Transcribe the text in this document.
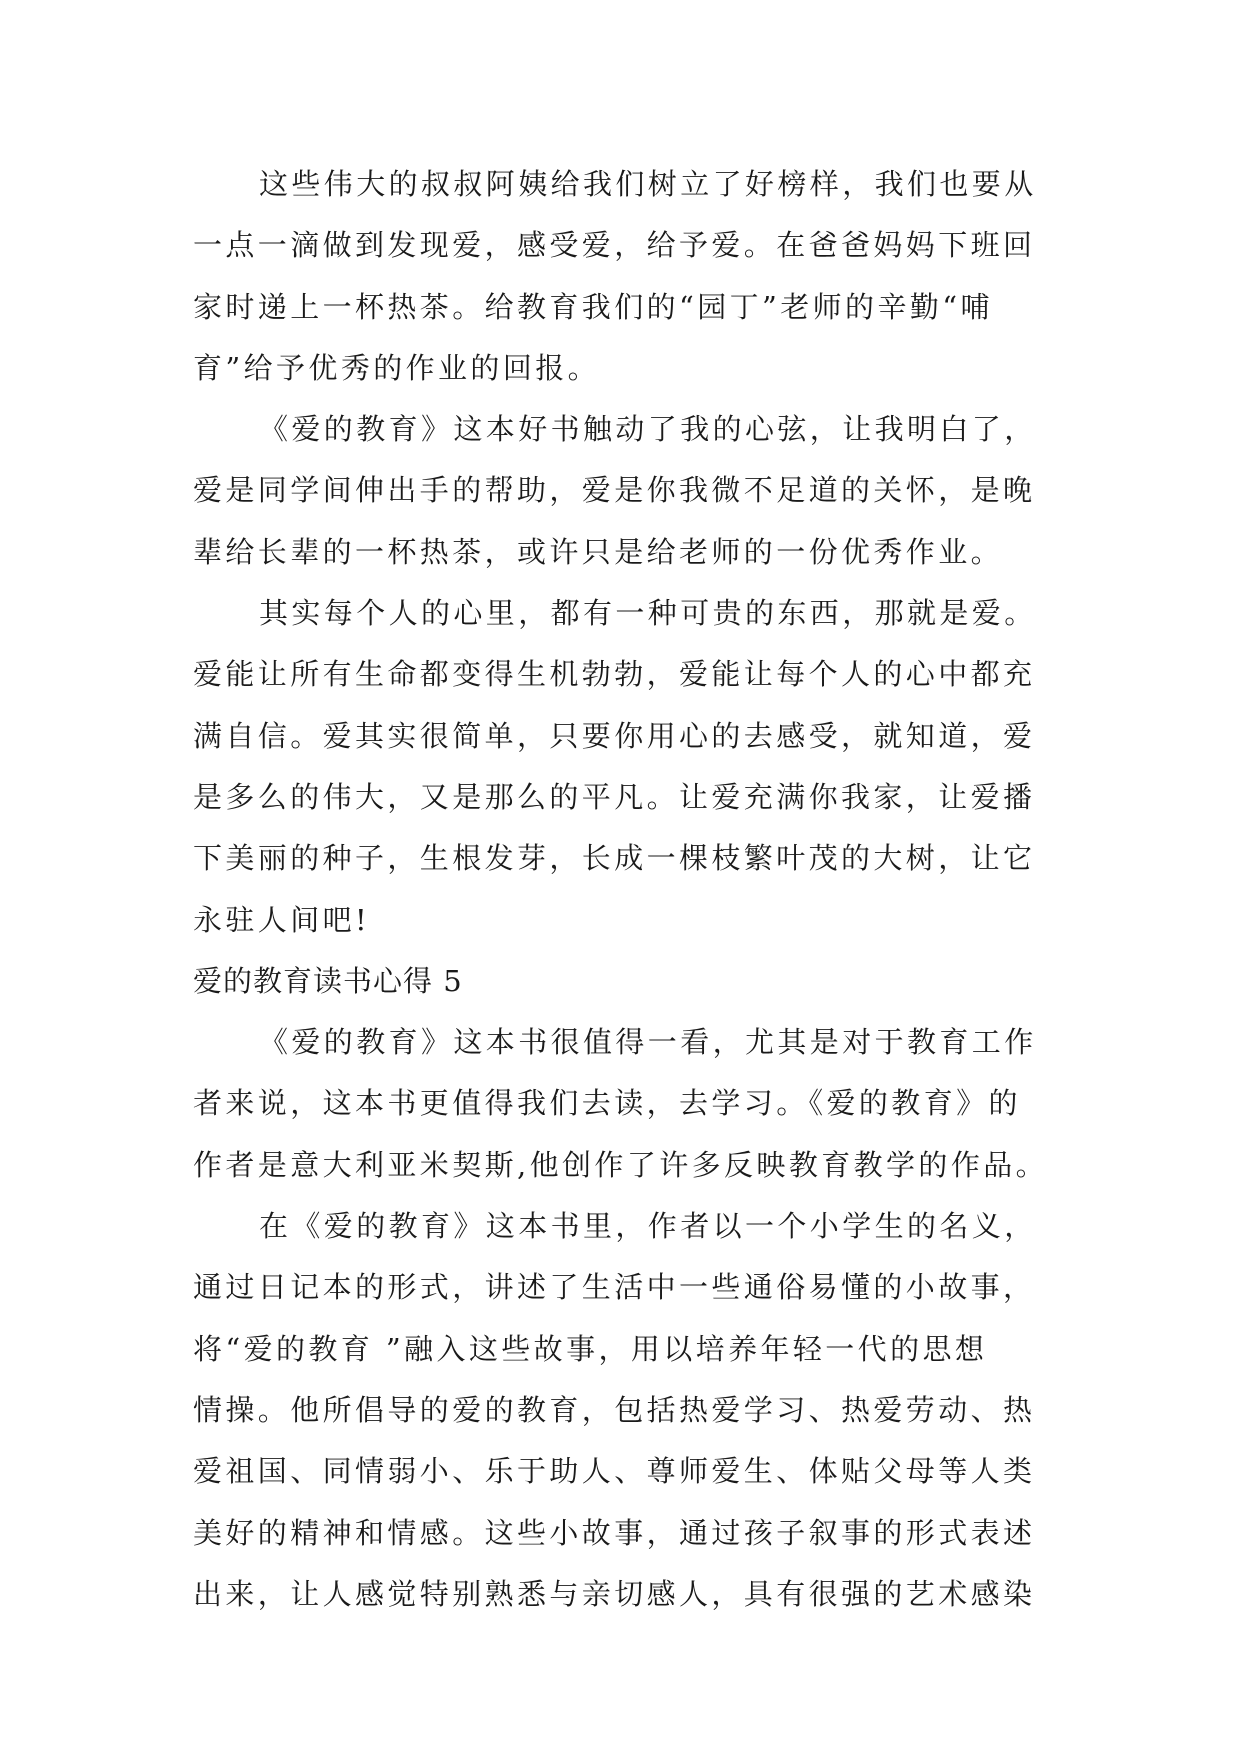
这些伟大的叔叔阿姨给我们树立了好榜样，我们也要从
一点一滴做到发现爱，感受爱，给予爱。在爸爸妈妈下班回
家时递上一杯热茶。给教育我们的“园丁”老师的辛勤“哺
育”给予优秀的作业的回报。
《爱的教育》这本好书触动了我的心弦，让我明白了，
爱是同学间伸出手的帮助，爱是你我微不足道的关怀，是晚
辈给长辈的一杯热茶，或许只是给老师的一份优秀作业。
其实每个人的心里，都有一种可贵的东西，那就是爱。
爱能让所有生命都变得生机勃勃，爱能让每个人的心中都充
满自信。爱其实很简单，只要你用心的去感受，就知道，爱
是多么的伟大，又是那么的平凡。让爱充满你我家，让爱播
下美丽的种子，生根发芽，长成一棵枝繁叶茂的大树，让它
永驻人间吧!
爱的教育读书心得 5
《爱的教育》这本书很值得一看，尤其是对于教育工作
者来说，这本书更值得我们去读，去学习。《爱的教育》的
作者是意大利亚米契斯,他创作了许多反映教育教学的作品。
在《爱的教育》这本书里，作者以一个小学生的名义，
通过日记本的形式，讲述了生活中一些通俗易懂的小故事，
将“爱的教育 ”融入这些故事，用以培养年轻一代的思想
情操。他所倡导的爱的教育，包括热爱学习、热爱劳动、热
爱祖国、同情弱小、乐于助人、尊师爱生、体贴父母等人类
美好的精神和情感。这些小故事，通过孩子叙事的形式表述
出来，让人感觉特别熟悉与亲切感人，具有很强的艺术感染
